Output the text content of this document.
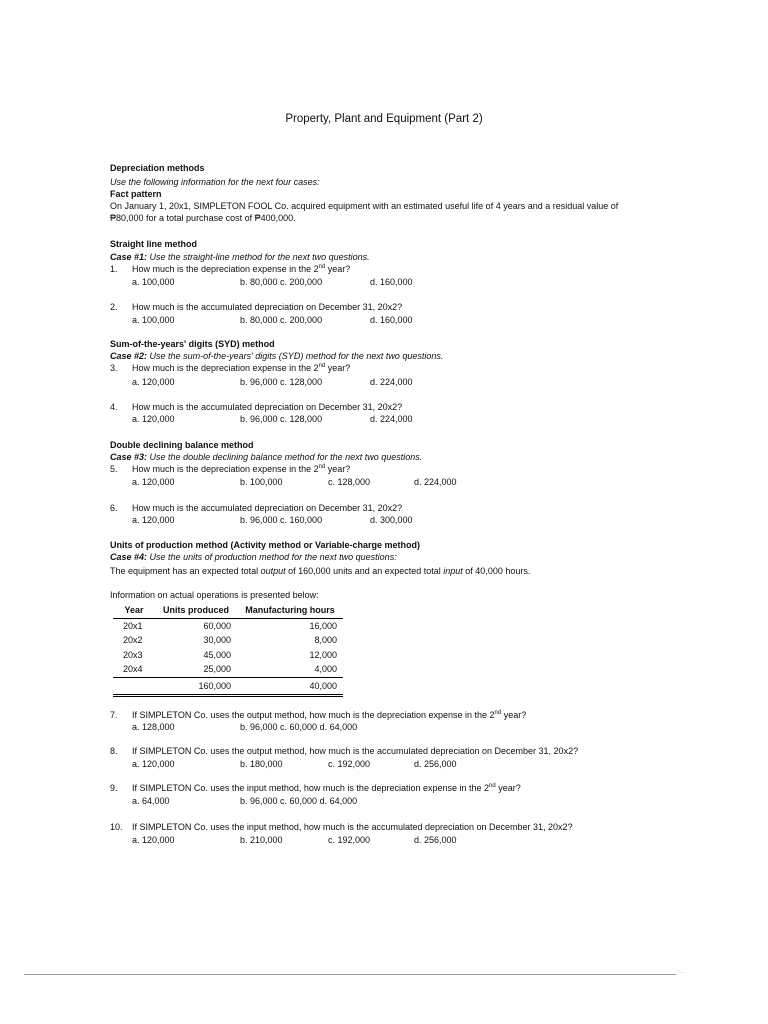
Property, Plant and Equipment (Part 2)
Depreciation methods
Use the following information for the next four cases:
Fact pattern
On January 1, 20x1, SIMPLETON FOOL Co. acquired equipment with an estimated useful life of 4 years and a residual value of
₱80,000 for a total purchase cost of ₱400,000.
Straight line method
Case #1: Use the straight-line method for the next two questions.
1. How much is the depreciation expense in the 2nd year?
a. 100,000	b. 80,000 c. 200,000	d. 160,000
2. How much is the accumulated depreciation on December 31, 20x2?
a. 100,000	b. 80,000 c. 200,000	d. 160,000
Sum-of-the-years' digits (SYD) method
Case #2: Use the sum-of-the-years' digits (SYD) method for the next two questions.
3. How much is the depreciation expense in the 2nd year?
a. 120,000	b. 96,000 c. 128,000	d. 224,000
4. How much is the accumulated depreciation on December 31, 20x2?
a. 120,000	b. 96,000 c. 128,000	d. 224,000
Double declining balance method
Case #3: Use the double declining balance method for the next two questions.
5. How much is the depreciation expense in the 2nd year?
a. 120,000	b. 100,000	c. 128,000	d. 224,000
6. How much is the accumulated depreciation on December 31, 20x2?
a. 120,000	b. 96,000 c. 160,000	d. 300,000
Units of production method (Activity method or Variable-charge method)
Case #4: Use the units of production method for the next two questions:
The equipment has an expected total output of 160,000 units and an expected total input of 40,000 hours.
Information on actual operations is presented below:
Year	Units produced	Manufacturing hours
20x1	60,000	16,000
20x2	30,000	8,000
20x3	45,000	12,000
20x4	25,000	4,000
	160,000	40,000
7. If SIMPLETON Co. uses the output method, how much is the depreciation expense in the 2nd year?
a. 128,000	b. 96,000 c. 60,000 d. 64,000
8. If SIMPLETON Co. uses the output method, how much is the accumulated depreciation on December 31, 20x2?
a. 120,000	b. 180,000	c. 192,000	d. 256,000
9. If SIMPLETON Co. uses the input method, how much is the depreciation expense in the 2nd year?
a. 64,000	b. 96,000 c. 60,000 d. 64,000
10. If SIMPLETON Co. uses the input method, how much is the accumulated depreciation on December 31, 20x2?
a. 120,000	b. 210,000	c. 192,000	d. 256,000
· ·
